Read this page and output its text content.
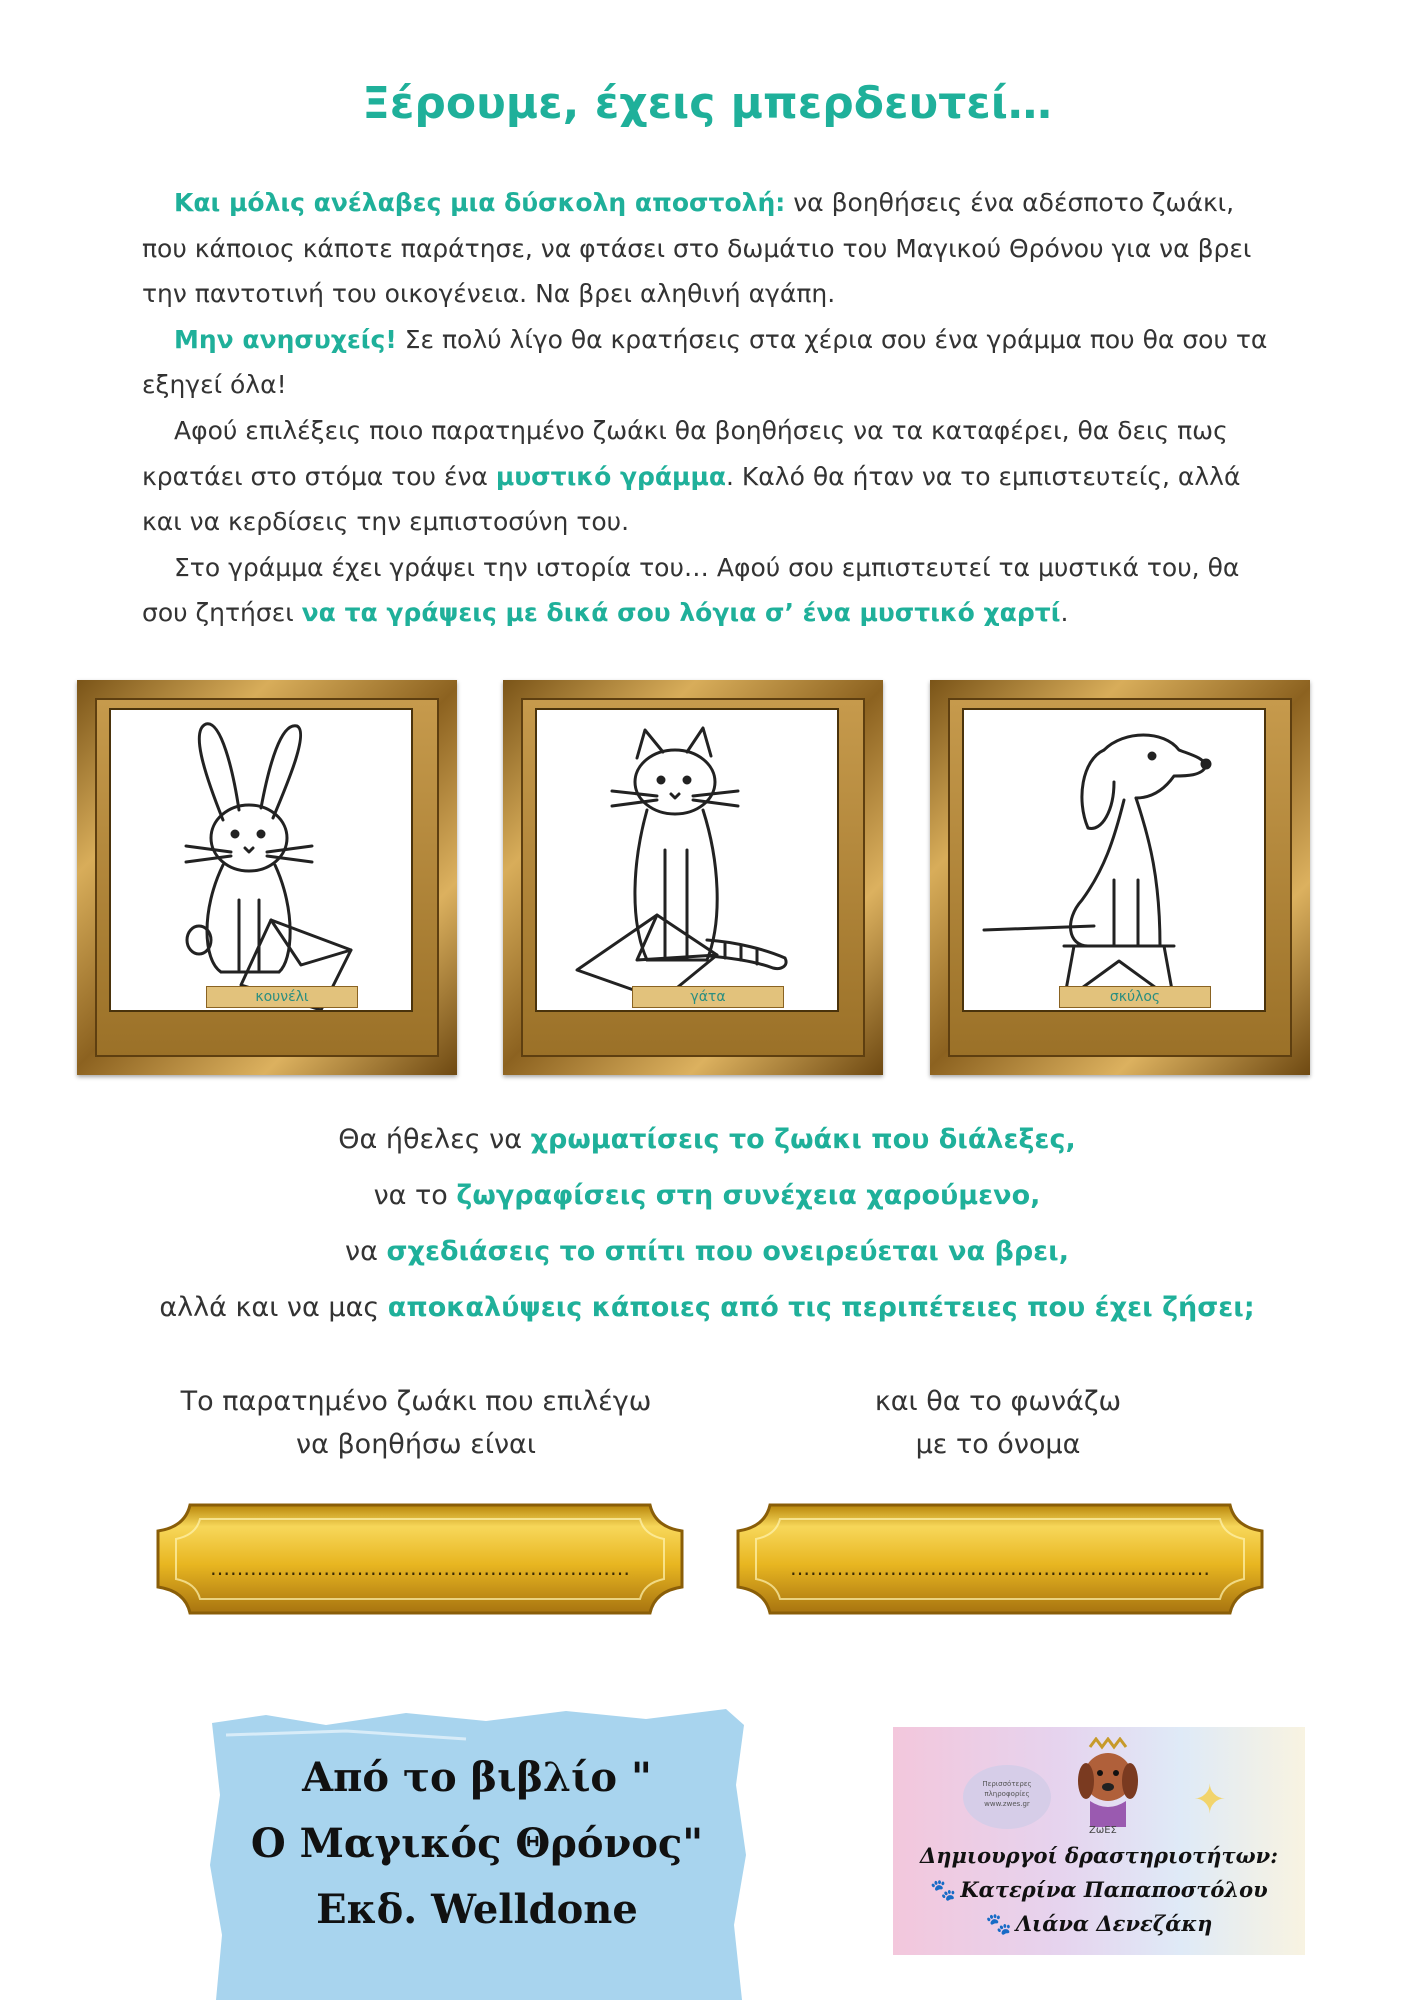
Ξέρουμε, έχεις μπερδευτεί…

Και μόλις ανέλαβες μια δύσκολη αποστολή: να βοηθήσεις ένα αδέσποτο ζωάκι, που κάποιος κάποτε παράτησε, να φτάσει στο δωμάτιο του Μαγικού Θρόνου για να βρει την παντοτινή του οικογένεια. Να βρει αληθινή αγάπη.

Μην ανησυχείς! Σε πολύ λίγο θα κρατήσεις στα χέρια σου ένα γράμμα που θα σου τα εξηγεί όλα!

Αφού επιλέξεις ποιο παρατημένο ζωάκι θα βοηθήσεις να τα καταφέρει, θα δεις πως κρατάει στο στόμα του ένα μυστικό γράμμα. Καλό θα ήταν να το εμπιστευτείς, αλλά και να κερδίσεις την εμπιστοσύνη του.

Στο γράμμα έχει γράψει την ιστορία του… Αφού σου εμπιστευτεί τα μυστικά του, θα σου ζητήσει να τα γράψεις με δικά σου λόγια σ’ ένα μυστικό χαρτί.

κουνέλι	γάτα	σκύλος
Θα ήθελες να χρωματίσεις το ζωάκι που διάλεξες,
να το ζωγραφίσεις στη συνέχεια χαρούμενο,
να σχεδιάσεις το σπίτι που ονειρεύεται να βρει,
αλλά και να μας αποκαλύψεις κάποιες από τις περιπέτειες που έχει ζήσει;
Το παρατημένο ζωάκι που επιλέγω
να βοηθήσω είναι
και θα το φωνάζω
με το όνομα
………………………………………………………	………………………………………………………
Από το βιβλίο "
Ο Μαγικός Θρόνος"
Εκδ. Welldone
Περισσότερες πληροφορίες www.zwes.gr
ΖωΕΣ
✦
Δημιουργοί δραστηριοτήτων:
🐾 Κατερίνα Παπαποστόλου
🐾 Λιάνα Δενεζάκη
